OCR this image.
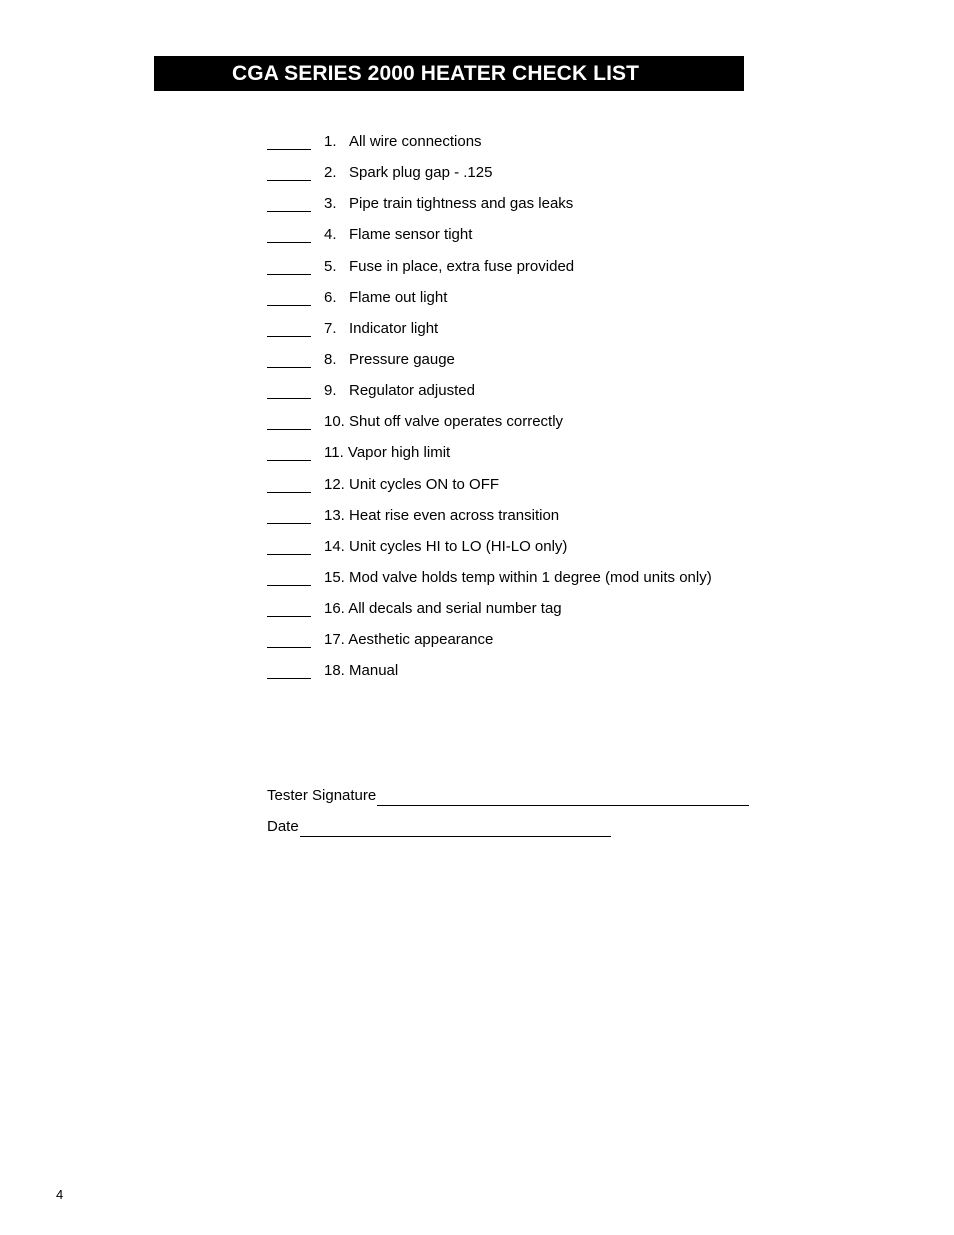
CGA SERIES 2000 HEATER CHECK LIST
1. All wire connections
2. Spark plug gap - .125
3. Pipe train tightness and gas leaks
4. Flame sensor tight
5. Fuse in place, extra fuse provided
6. Flame out light
7. Indicator light
8. Pressure gauge
9. Regulator adjusted
10. Shut off valve operates correctly
11. Vapor high limit
12. Unit cycles ON to OFF
13. Heat rise even across transition
14. Unit cycles HI to LO (HI-LO only)
15. Mod valve holds temp within 1 degree (mod units only)
16. All decals and serial number tag
17. Aesthetic appearance
18. Manual
Tester Signature
Date
4
